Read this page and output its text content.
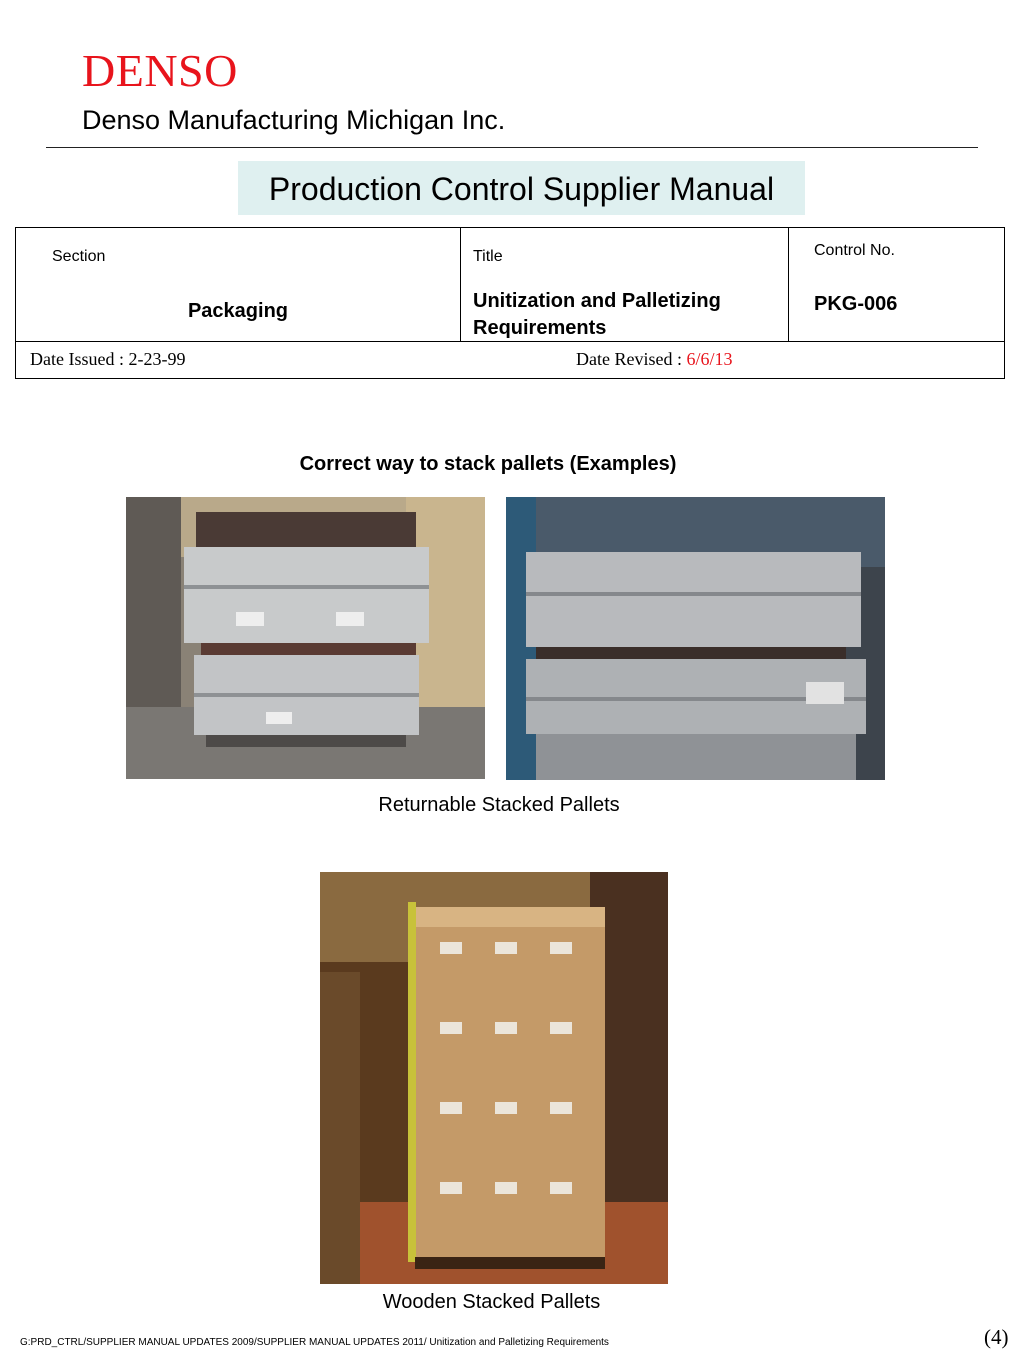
DENSO
Denso Manufacturing Michigan Inc.
Production Control Supplier Manual
Section
Packaging
Title
Unitization and Palletizing
Requirements
Control No.
PKG-006
Date Issued : 2-23-99	Date Revised : 6/6/13
Correct way to stack pallets (Examples)
Returnable Stacked Pallets
Wooden Stacked Pallets
G:PRD_CTRL/SUPPLIER MANUAL UPDATES 2009/SUPPLIER MANUAL UPDATES 2011/ Unitization and Palletizing Requirements	(4)
